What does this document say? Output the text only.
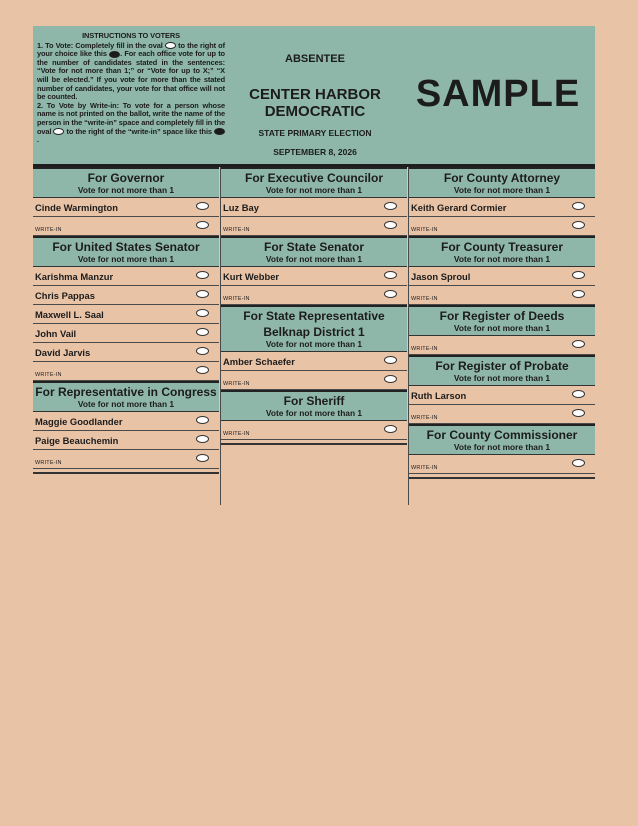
INSTRUCTIONS TO VOTERS

1. To Vote: Completely fill in the oval to the right of your choice like this . For each office vote for up to the number of candidates stated in the sentences: “Vote for not more than 1;” or “Vote for up to X;” “X will be elected.” If you vote for more than the stated number of candidates, your vote for that office will not be counted.

2. To Vote by Write-in: To vote for a person whose name is not printed on the ballot, write the name of the person in the “write-in” space and completely fill in the oval to the right of the “write-in” space like this .

ABSENTEE
CENTER HARBOR
DEMOCRATIC
STATE PRIMARY ELECTION
SEPTEMBER 8, 2026
SAMPLE
For Governor
Vote for not more than 1
Cinde Warmington
WRITE-IN
For United States Senator
Vote for not more than 1
Karishma Manzur
Chris Pappas
Maxwell L. Saal
John Vail
David Jarvis
WRITE-IN
For Representative in Congress
Vote for not more than 1
Maggie Goodlander
Paige Beauchemin
WRITE-IN
For Executive Councilor
Vote for not more than 1
Luz Bay
WRITE-IN
For State Senator
Vote for not more than 1
Kurt Webber
WRITE-IN
For State Representative
Belknap District 1
Vote for not more than 1
Amber Schaefer
WRITE-IN
For Sheriff
Vote for not more than 1
WRITE-IN
For County Attorney
Vote for not more than 1
Keith Gerard Cormier
WRITE-IN
For County Treasurer
Vote for not more than 1
Jason Sproul
WRITE-IN
For Register of Deeds
Vote for not more than 1
WRITE-IN
For Register of Probate
Vote for not more than 1
Ruth Larson
WRITE-IN
For County Commissioner
Vote for not more than 1
WRITE-IN
